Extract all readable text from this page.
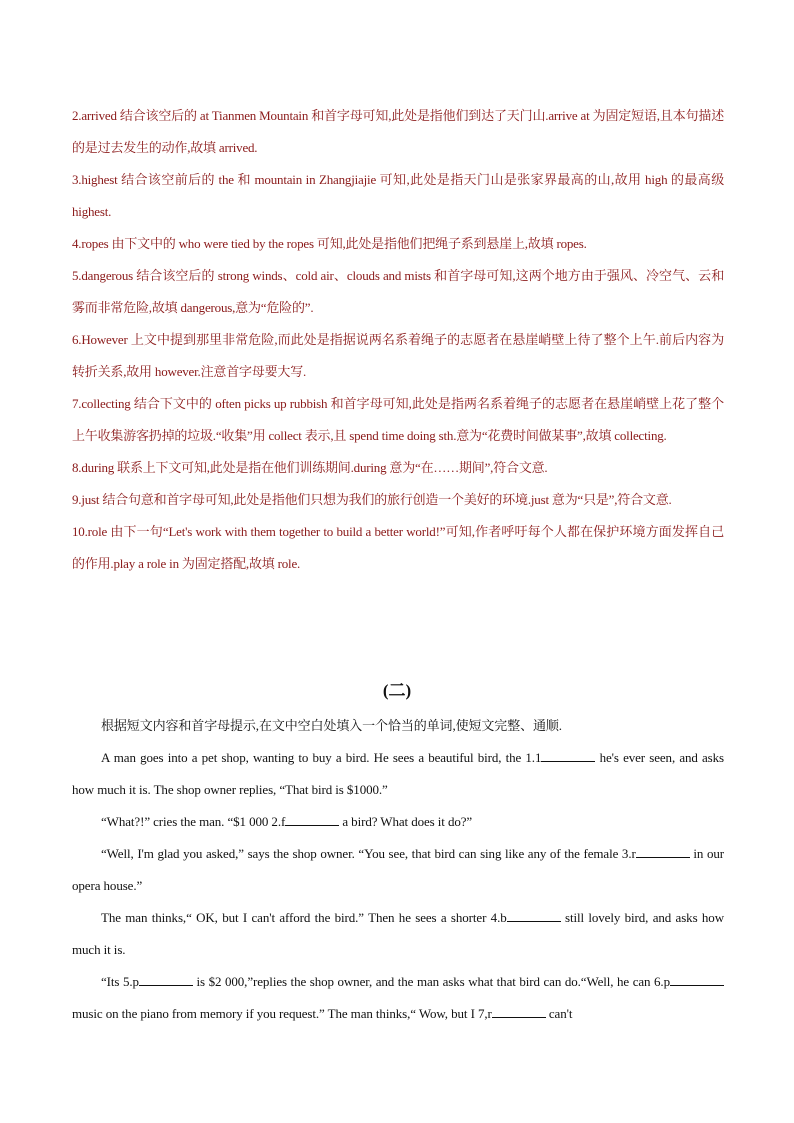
2.arrived 结合该空后的 at Tianmen Mountain 和首字母可知,此处是指他们到达了天门山.arrive at 为固定短语,且本句描述的是过去发生的动作,故填 arrived.

3.highest 结合该空前后的 the 和 mountain in Zhangjiajie 可知,此处是指天门山是张家界最高的山,故用 high 的最高级 highest.

4.ropes 由下文中的 who were tied by the ropes 可知,此处是指他们把绳子系到悬崖上,故填 ropes.

5.dangerous 结合该空后的 strong winds、cold air、clouds and mists 和首字母可知,这两个地方由于强风、冷空气、云和雾而非常危险,故填 dangerous,意为“危险的”.

6.However 上文中提到那里非常危险,而此处是指据说两名系着绳子的志愿者在悬崖峭壁上待了整个上午.前后内容为转折关系,故用 however.注意首字母要大写.

7.collecting 结合下文中的 often picks up rubbish 和首字母可知,此处是指两名系着绳子的志愿者在悬崖峭壁上花了整个上午收集游客扔掉的垃圾.“收集”用 collect 表示,且 spend time doing sth.意为“花费时间做某事”,故填 collecting.

8.during 联系上下文可知,此处是指在他们训练期间.during 意为“在……期间”,符合文意.

9.just 结合句意和首字母可知,此处是指他们只想为我们的旅行创造一个美好的环境.just 意为“只是”,符合文意.

10.role 由下一句“Let's work with them together to build a better world!”可知,作者呼吁每个人都在保护环境方面发挥自己的作用.play a role in 为固定搭配,故填 role.

(二)

根据短文内容和首字母提示,在文中空白处填入一个恰当的单词,使短文完整、通顺.

A man goes into a pet shop, wanting to buy a bird. He sees a beautiful bird, the 1.1	he's ever seen, and asks how much it is. The shop owner replies, “That bird is $1000.”

“What?!” cries the man. “$1 000 2.f	a bird? What does it do?”

“Well, I'm glad you asked,” says the shop owner. “You see, that bird can sing like any of the female 3.r	in our opera house.”

The man thinks,“ OK, but I can't afford the bird.” Then he sees a shorter 4.b	still lovely bird, and asks how much it is.

“Its 5.p	is $2 000,”replies the shop owner, and the man asks what that bird can do.“Well, he can 6.p music on the piano from memory if you request.” The man thinks,“ Wow, but I 7,r	can't
